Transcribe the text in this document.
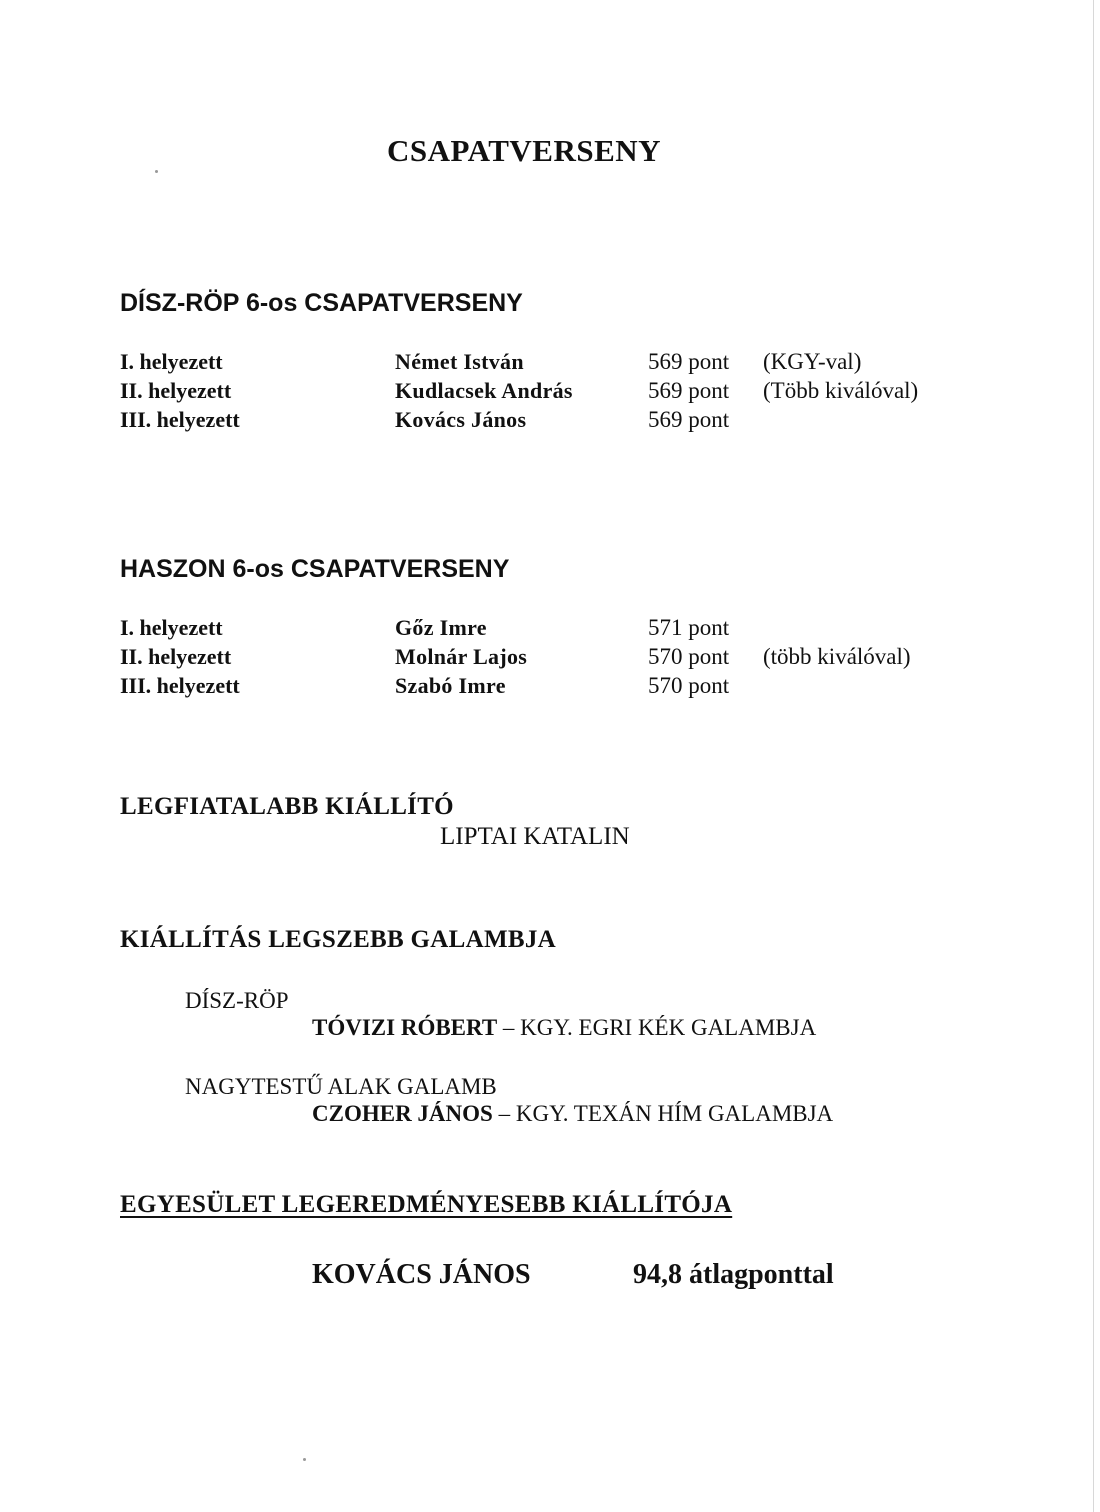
CSAPATVERSENY
DÍSZ-RÖP 6-os CSAPATVERSENY
I. helyezett	Német István	569 pont (KGY-val)
II. helyezett	Kudlacsek András	569 pont (Több kiválóval)
III. helyezett	Kovács János	569 pont
HASZON 6-os CSAPATVERSENY
I. helyezett	Gőz Imre	571 pont
II. helyezett	Molnár Lajos	570 pont (több kiválóval)
III. helyezett	Szabó Imre	570 pont
LEGFIATALABB KIÁLLÍTÓ
LIPTAI KATALIN
KIÁLLÍTÁS LEGSZEBB GALAMBJA
DÍSZ-RÖP
TÓVIZI RÓBERT – KGY. EGRI KÉK GALAMBJA
NAGYTESTŰ ALAK GALAMB
CZOHER JÁNOS – KGY. TEXÁN HÍM GALAMBJA
EGYESÜLET LEGEREDMÉNYESEBB KIÁLLÍTÓJA
KOVÁCS JÁNOS	94,8 átlagponttal
